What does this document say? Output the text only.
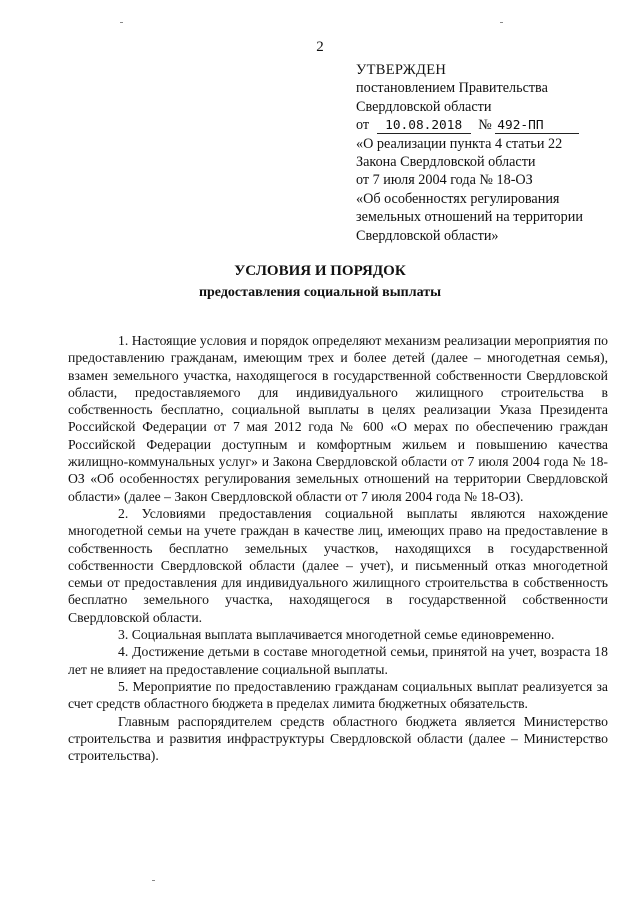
2
УТВЕРЖДЕН
постановлением Правительства
Свердловской области
от 10.08.2018 № 492-ПП
«О реализации пункта 4 статьи 22
Закона Свердловской области
от 7 июля 2004 года № 18-ОЗ
«Об особенностях регулирования
земельных отношений на территории
Свердловской области»
УСЛОВИЯ И ПОРЯДОК
предоставления социальной выплаты

1. Настоящие условия и порядок определяют механизм реализации мероприятия по предоставлению гражданам, имеющим трех и более детей (далее – многодетная семья), взамен земельного участка, находящегося в государственной собственности Свердловской области, предоставляемого для индивидуального жилищного строительства в собственность бесплатно, социальной выплаты в целях реализации Указа Президента Российской Федерации от 7 мая 2012 года № 600 «О мерах по обеспечению граждан Российской Федерации доступным и комфортным жильем и повышению качества жилищно-коммунальных услуг» и Закона Свердловской области от 7 июля 2004 года № 18-ОЗ «Об особенностях регулирования земельных отношений на территории Свердловской области» (далее – Закон Свердловской области от 7 июля 2004 года № 18-ОЗ).

2. Условиями предоставления социальной выплаты являются нахождение многодетной семьи на учете граждан в качестве лиц, имеющих право на предоставление в собственность бесплатно земельных участков, находящихся в государственной собственности Свердловской области (далее – учет), и письменный отказ многодетной семьи от предоставления для индивидуального жилищного строительства в собственность бесплатно земельного участка, находящегося в государственной собственности Свердловской области.

3. Социальная выплата выплачивается многодетной семье единовременно.

4. Достижение детьми в составе многодетной семьи, принятой на учет, возраста 18 лет не влияет на предоставление социальной выплаты.

5. Мероприятие по предоставлению гражданам социальных выплат реализуется за счет средств областного бюджета в пределах лимита бюджетных обязательств.

Главным распорядителем средств областного бюджета является Министерство строительства и развития инфраструктуры Свердловской области (далее – Министерство строительства).
